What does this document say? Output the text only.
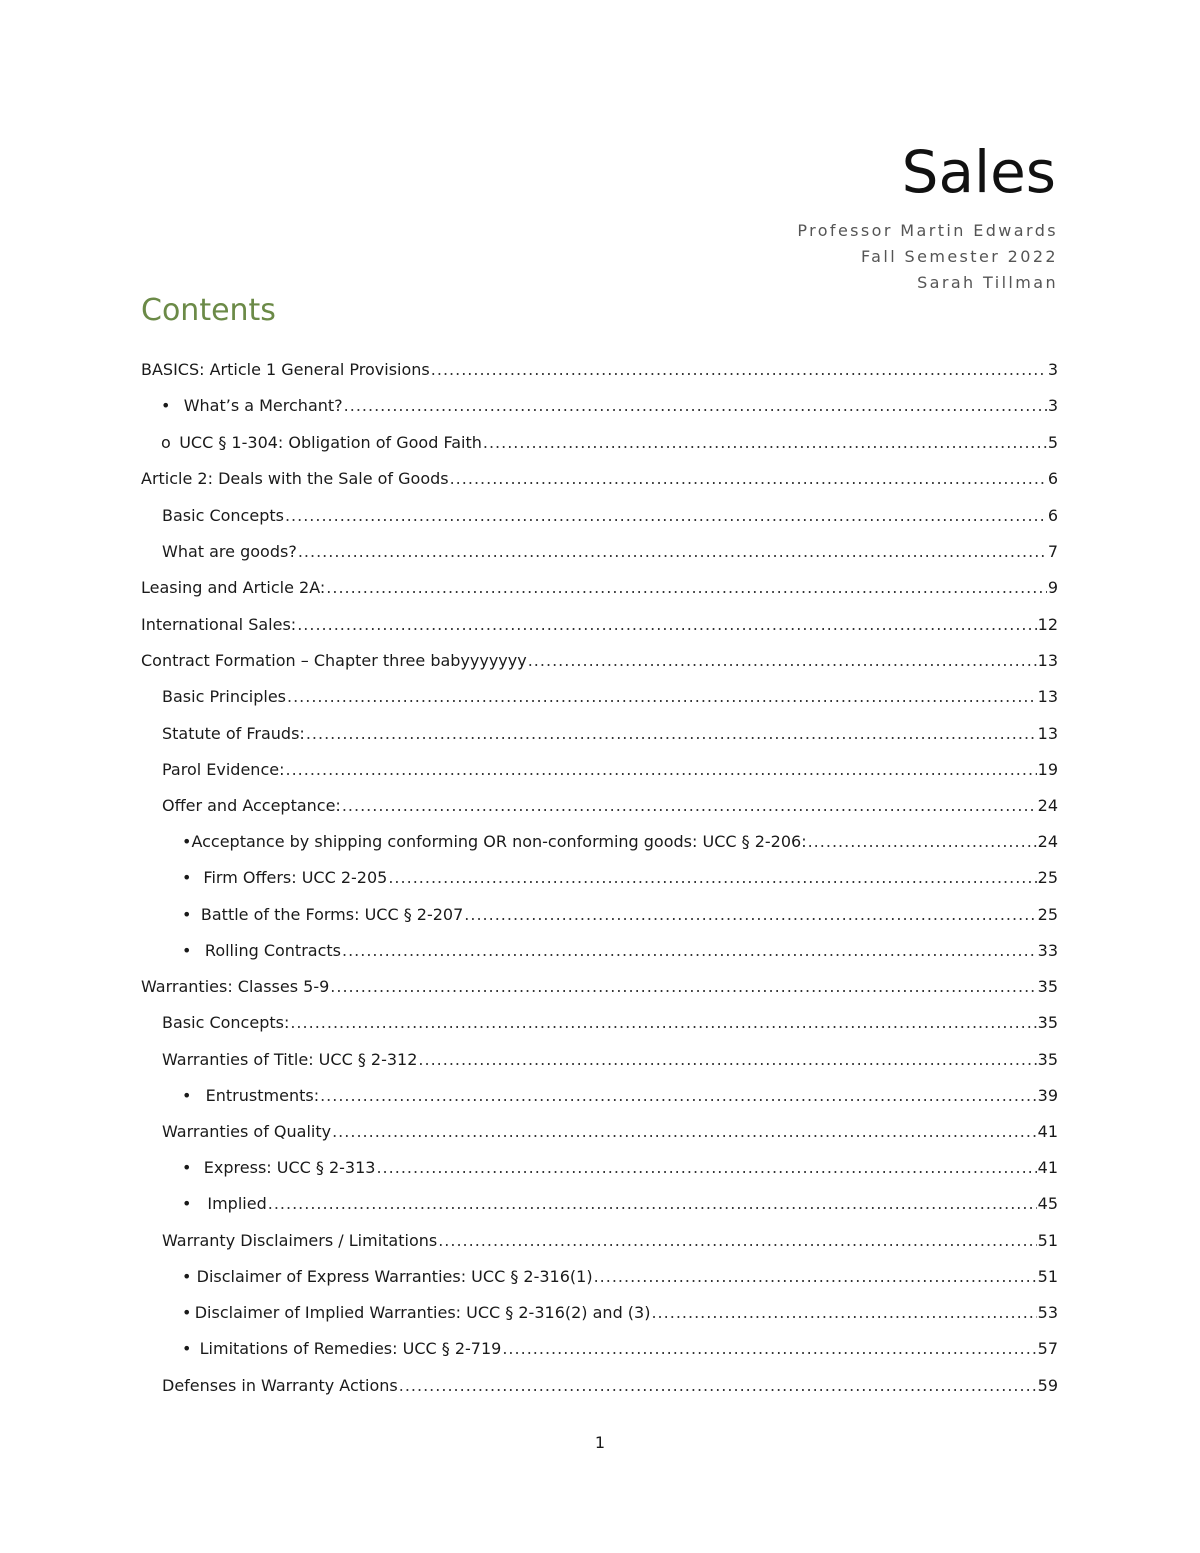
Sales
Professor Martin Edwards
Fall Semester 2022
Sarah Tillman
Contents
BASICS: Article 1 General Provisions .....	3
• What’s a Merchant? .....	3
o UCC § 1-304: Obligation of Good Faith .....	5
Article 2: Deals with the Sale of Goods .....	6
Basic Concepts .....	6
What are goods? .....	7
Leasing and Article 2A: .....	9
International Sales: .....	12
Contract Formation – Chapter three babyyyyyyy .....	13
Basic Principles .....	13
Statute of Frauds: .....	13
Parol Evidence: .....	19
Offer and Acceptance: .....	24
• Acceptance by shipping conforming OR non-conforming goods: UCC § 2-206: .....	24
• Firm Offers: UCC 2-205 .....	25
• Battle of the Forms: UCC § 2-207 .....	25
• Rolling Contracts .....	33
Warranties: Classes 5-9 .....	35
Basic Concepts: .....	35
Warranties of Title: UCC § 2-312 .....	35
• Entrustments: .....	39
Warranties of Quality .....	41
• Express: UCC § 2-313 .....	41
• Implied .....	45
Warranty Disclaimers / Limitations .....	51
• Disclaimer of Express Warranties: UCC § 2-316(1) .....	51
• Disclaimer of Implied Warranties: UCC § 2-316(2) and (3) .....	53
• Limitations of Remedies: UCC § 2-719 .....	57
Defenses in Warranty Actions .....	59
1
